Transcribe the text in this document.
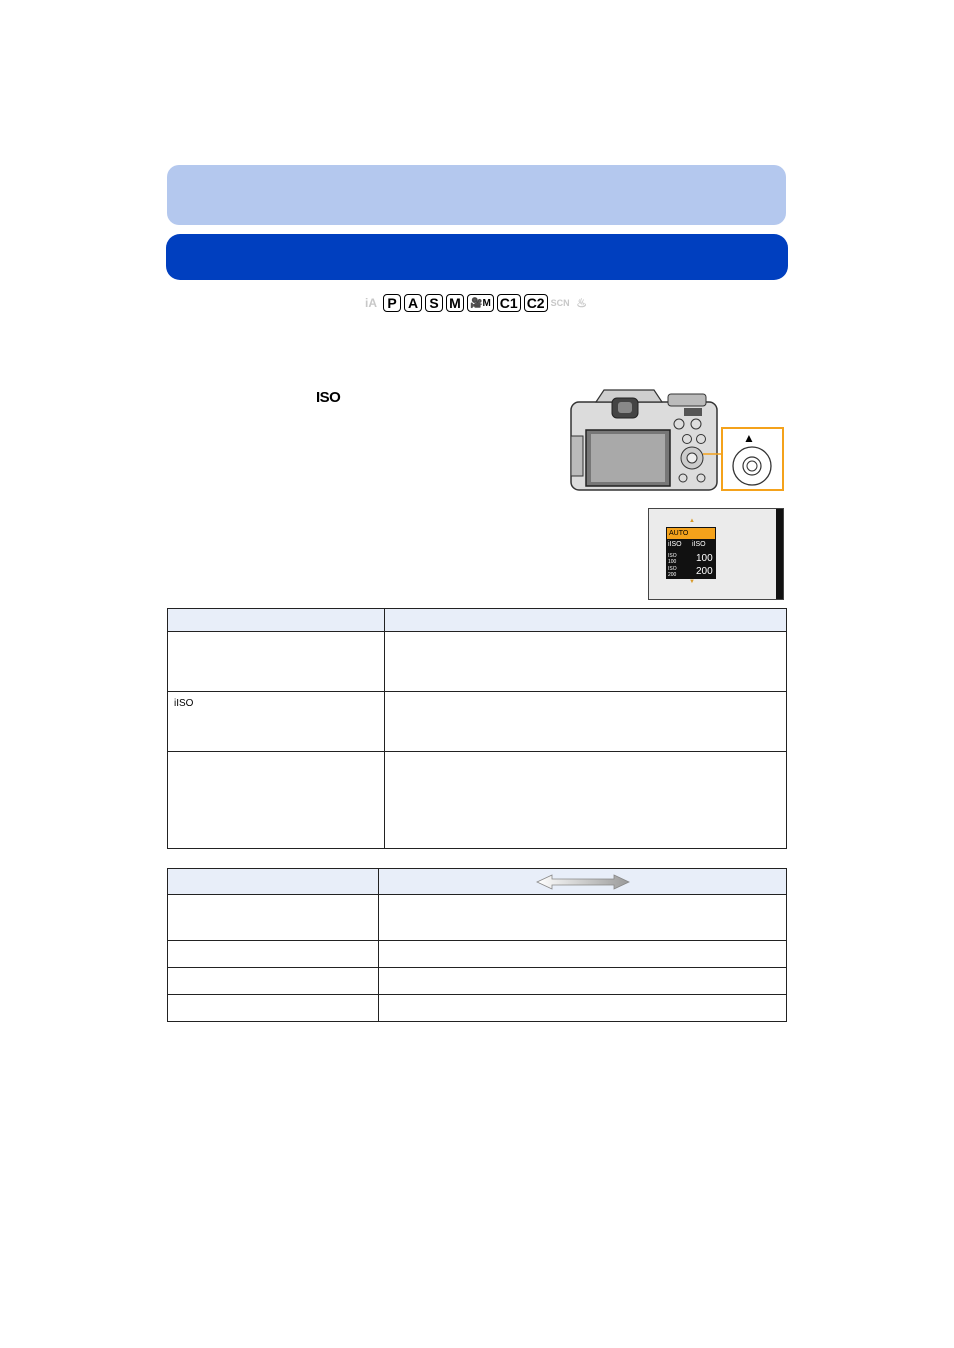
iA P A S M 🎥M C1 C2 SCN ♨
ISO
▲
▲
AUTO
iISO iISO
ISO 100	100
ISO 200	200
▼

iISO	
